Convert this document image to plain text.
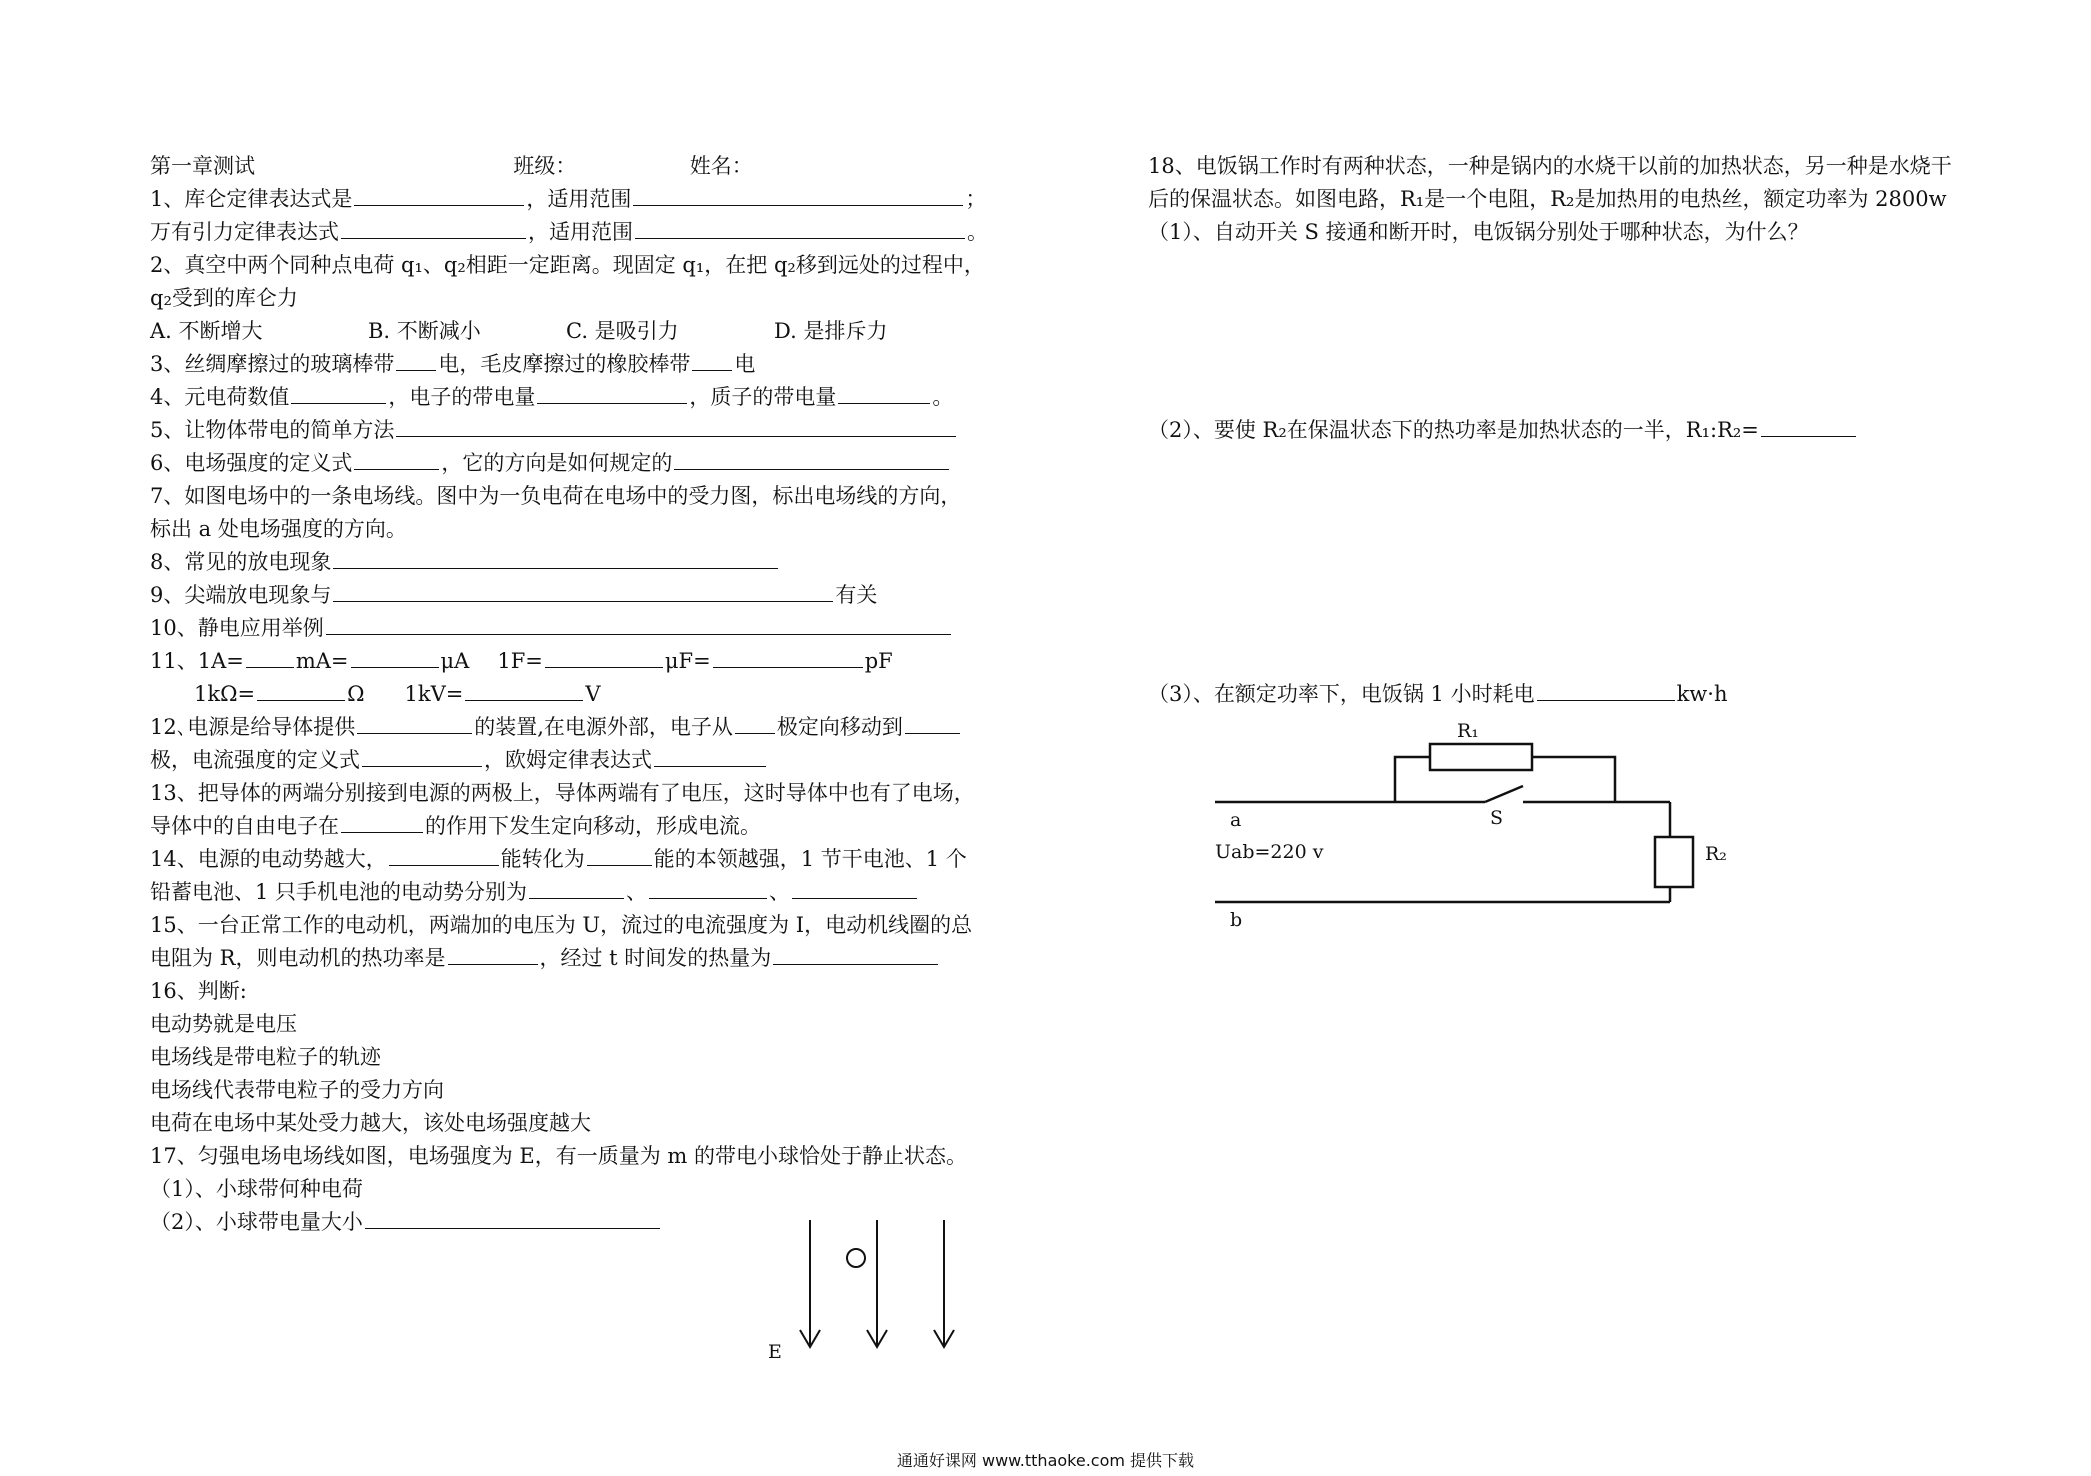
第一章测试	班级：	姓名：
1、库仑定律表达式是	，适用范围	；
万有引力定律表达式	，适用范围	。
2、真空中两个同种点电荷 q₁、q₂相距一定距离。现固定 q₁，在把 q₂移到远处的过程中，
q₂受到的库仑力
A. 不断增大	B. 不断减小	C. 是吸引力	D. 是排斥力
3、丝绸摩擦过的玻璃棒带 电，毛皮摩擦过的橡胶棒带 电
4、元电荷数值	，电子的带电量	，质子的带电量	。
5、让物体带电的简单方法
6、电场强度的定义式	，它的方向是如何规定的
7、如图电场中的一条电场线。图中为一负电荷在电场中的受力图，标出电场线的方向，
标出 a 处电场强度的方向。
8、常见的放电现象
9、尖端放电现象与	有关
10、静电应用举例
11、1A= mA=	μA 1F=	μF=	pF
1kΩ=	Ω 1kV=	V
12､电源是给导体提供	的装置,在电源外部，电子从 极定向移动到
极，电流强度的定义式	，欧姆定律表达式
13、把导体的两端分别接到电源的两极上，导体两端有了电压，这时导体中也有了电场，
导体中的自由电子在	的作用下发生定向移动，形成电流。
14、电源的电动势越大，	能转化为	能的本领越强，1 节干电池、1 个
铅蓄电池、1 只手机电池的电动势分别为	、	、
15、一台正常工作的电动机，两端加的电压为 U，流过的电流强度为 I，电动机线圈的总
电阻为 R，则电动机的热功率是	，经过 t 时间发的热量为
16、判断:
电动势就是电压
电场线是带电粒子的轨迹
电场线代表带电粒子的受力方向
电荷在电场中某处受力越大，该处电场强度越大
17、匀强电场电场线如图，电场强度为 E，有一质量为 m 的带电小球恰处于静止状态。
（1）、小球带何种电荷
（2）、小球带电量大小
E
18、电饭锅工作时有两种状态，一种是锅内的水烧干以前的加热状态，另一种是水烧干
后的保温状态。如图电路，R₁是一个电阻，R₂是加热用的电热丝，额定功率为 2800w
（1）、自动开关 S 接通和断开时，电饭锅分别处于哪种状态，为什么？
（2）、要使 R₂在保温状态下的热功率是加热状态的一半，R₁:R₂=
（3）、在额定功率下，电饭锅 1 小时耗电	kw·h
R₁
R₂
S
a
Uab=220 v
b
通通好课网 www.tthaoke.com 提供下载
